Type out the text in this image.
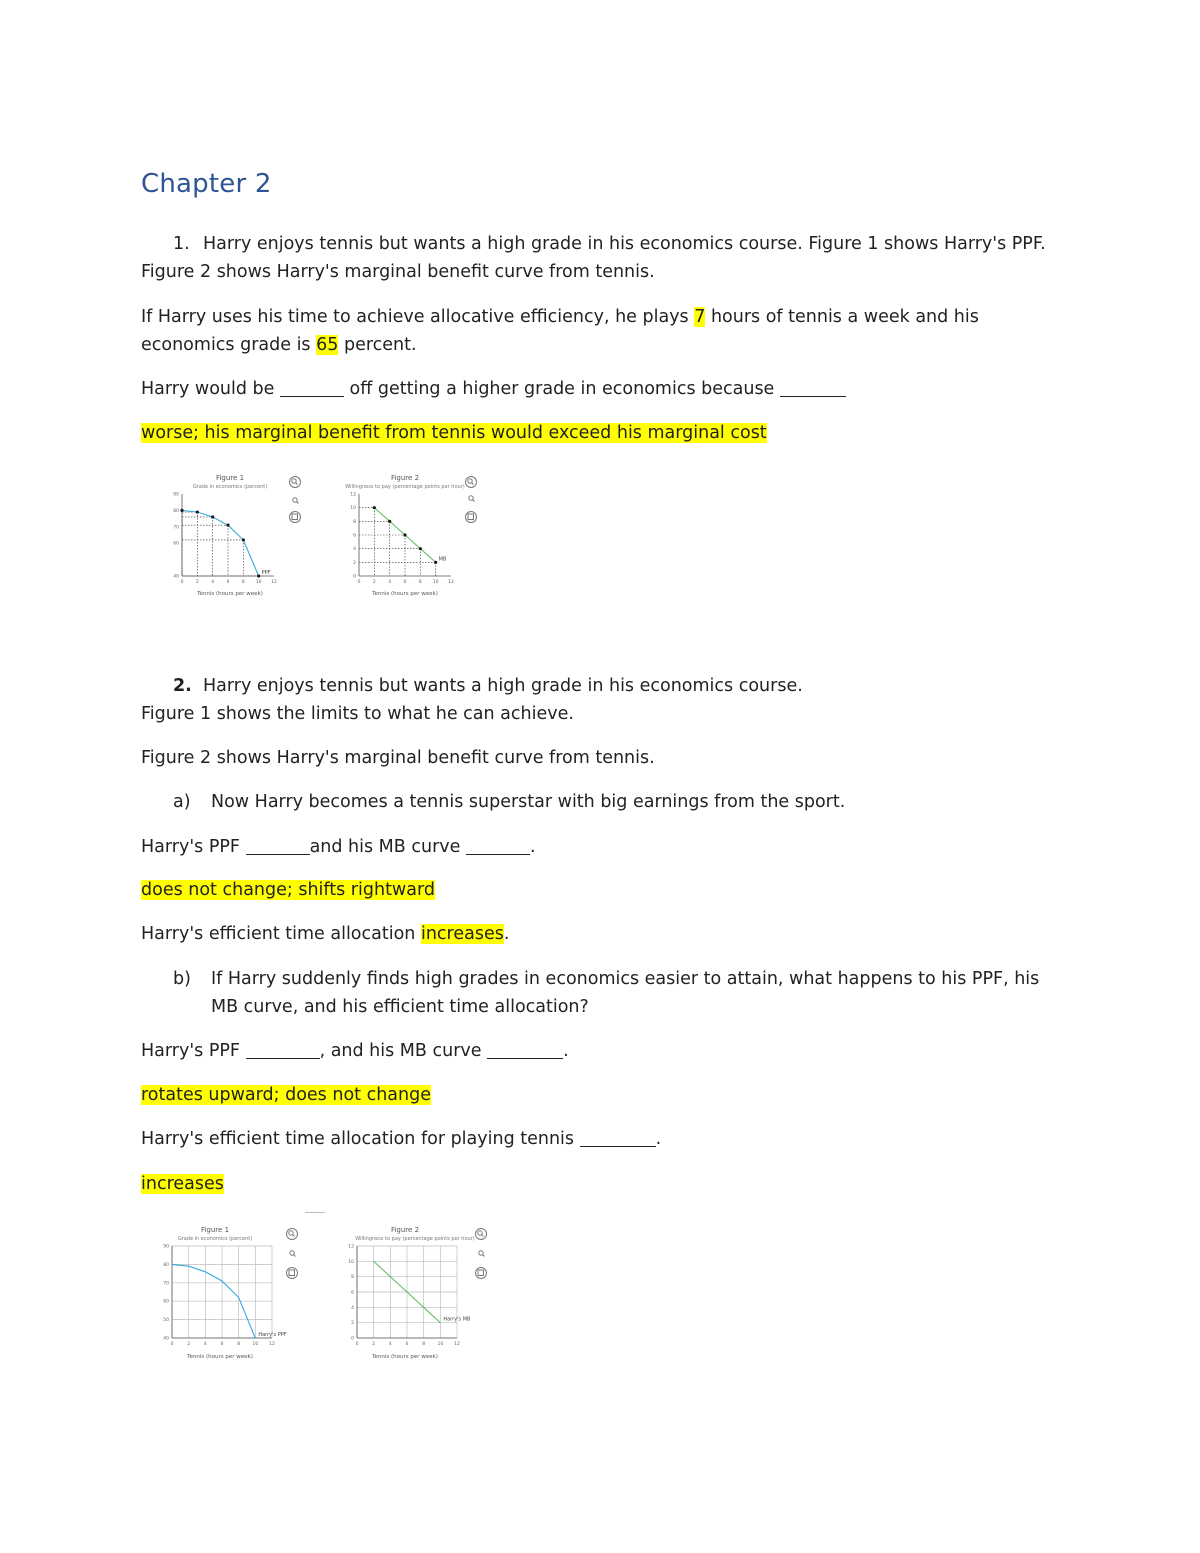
Chapter 2
1. Harry enjoys tennis but wants a high grade in his economics course. Figure 1 shows Harry's PPF.
Figure 2 shows Harry's marginal benefit curve from tennis.
If Harry uses his time to achieve allocative efficiency, he plays 7 hours of tennis a week and his
economics grade is 65 percent.
Harry would be	off getting a higher grade in economics because
worse; his marginal benefit from tennis would exceed his marginal cost
Figure 1
Grade in economics (percent)
0	2	4	6	8 10 12
40
60
70
80
90
PPF
Tennis (hours per week)
Figure 2
Willingness to pay (percentage points per hour)
0	2	4	6	8 10 12
0
2
4
6
8
10
12
MB
Tennis (hours per week)
2. Harry enjoys tennis but wants a high grade in his economics course.
Figure 1 shows the limits to what he can achieve.
Figure 2 shows Harry's marginal benefit curve from tennis.
a) Now Harry becomes a tennis superstar with big earnings from the sport.
Harry's PPF	and his MB curve	.
does not change; shifts rightward
Harry's efficient time allocation increases.
b) If Harry suddenly finds high grades in economics easier to attain, what happens to his PPF, his
MB curve, and his efficient time allocation?
Harry's PPF	, and his MB curve	.
rotates upward; does not change
Harry's efficient time allocation for playing tennis	.
increases
Figure 1
Grade in economics (percent)
0	2	4	6	8	10 12
40
50
60
70
80
90
Harry's PPF
Tennis (hours per week)
Figure 2
Willingness to pay (percentage points per hour)
0	2	4	6	8	10 12
0
2
4
6
8
10
12
Harry's MB
Tennis (hours per week)
